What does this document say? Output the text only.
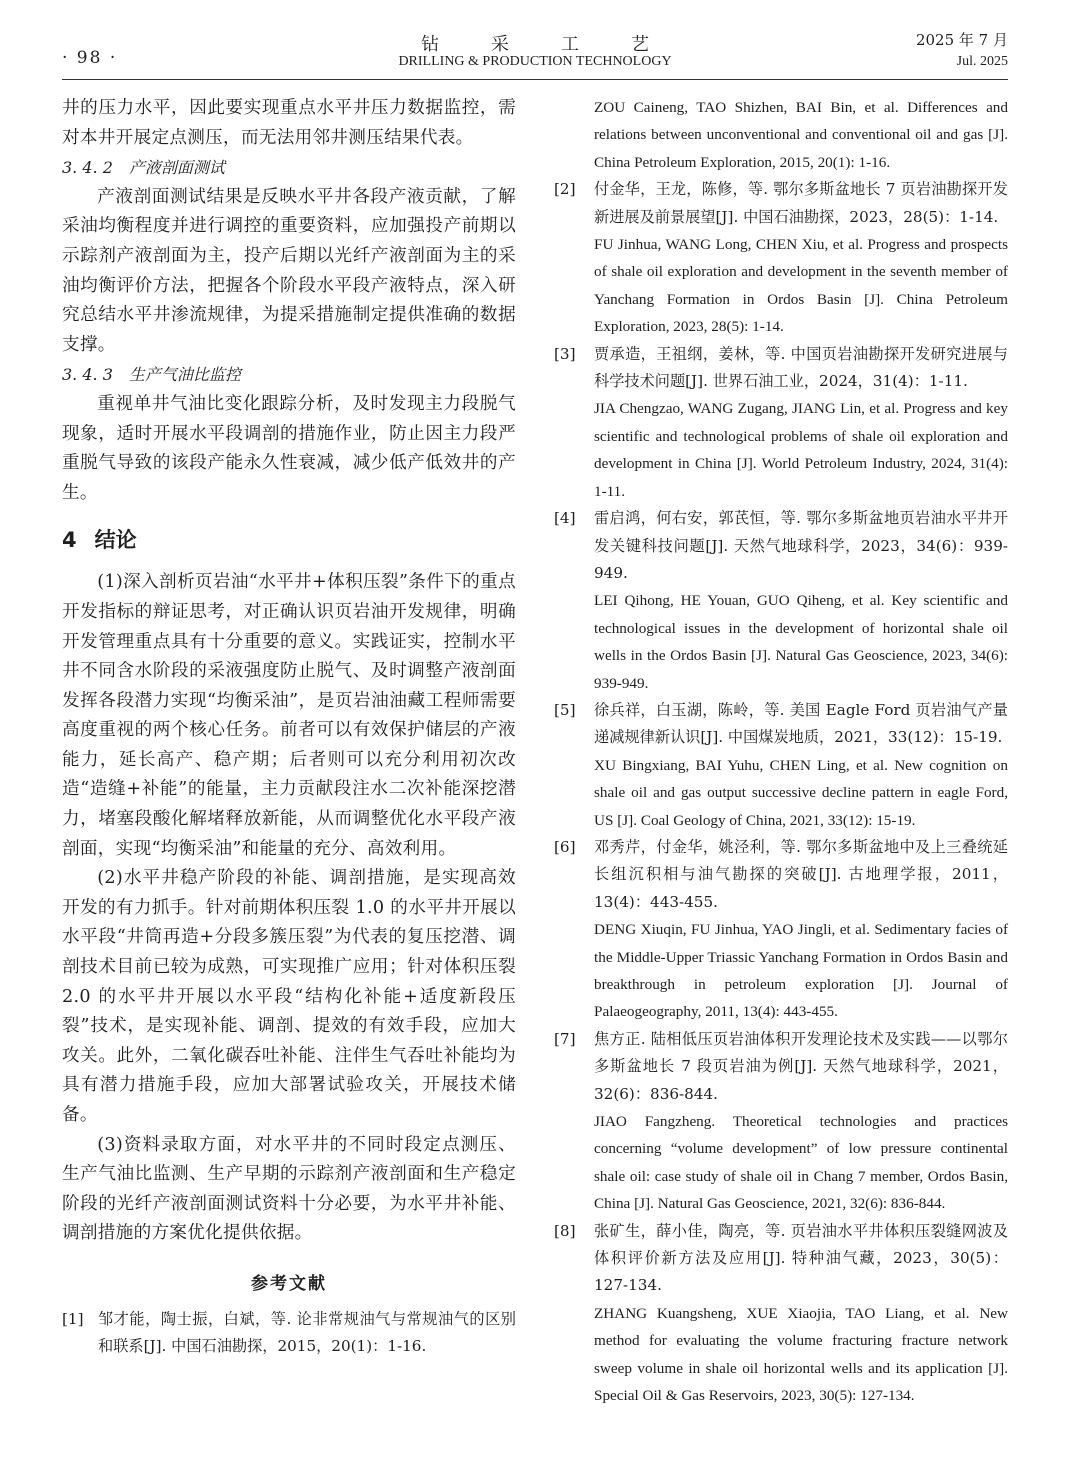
· 98 ·
钻采工艺
DRILLING & PRODUCTION TECHNOLOGY
2025 年 7 月
Jul. 2025

井的压力水平，因此要实现重点水平井压力数据监控，需对本井开展定点测压，而无法用邻井测压结果代表。

3. 4. 2　产液剖面测试

产液剖面测试结果是反映水平井各段产液贡献，了解采油均衡程度并进行调控的重要资料，应加强投产前期以示踪剂产液剖面为主，投产后期以光纤产液剖面为主的采油均衡评价方法，把握各个阶段水平段产液特点，深入研究总结水平井渗流规律，为提采措施制定提供准确的数据支撑。

3. 4. 3　生产气油比监控

重视单井气油比变化跟踪分析，及时发现主力段脱气现象，适时开展水平段调剖的措施作业，防止因主力段严重脱气导致的该段产能永久性衰减，减少低产低效井的产生。

4 结论

(1)深入剖析页岩油“水平井+体积压裂”条件下的重点开发指标的辩证思考，对正确认识页岩油开发规律，明确开发管理重点具有十分重要的意义。实践证实，控制水平井不同含水阶段的采液强度防止脱气、及时调整产液剖面发挥各段潜力实现“均衡采油”，是页岩油油藏工程师需要高度重视的两个核心任务。前者可以有效保护储层的产液能力，延长高产、稳产期；后者则可以充分利用初次改造“造缝+补能”的能量，主力贡献段注水二次补能深挖潜力，堵塞段酸化解堵释放新能，从而调整优化水平段产液剖面，实现“均衡采油”和能量的充分、高效利用。

(2)水平井稳产阶段的补能、调剖措施，是实现高效开发的有力抓手。针对前期体积压裂 1.0 的水平井开展以水平段“井筒再造+分段多簇压裂”为代表的复压挖潜、调剖技术目前已较为成熟，可实现推广应用；针对体积压裂 2.0 的水平井开展以水平段“结构化补能+适度新段压裂”技术，是实现补能、调剖、提效的有效手段，应加大攻关。此外，二氧化碳吞吐补能、注伴生气吞吐补能均为具有潜力措施手段，应加大部署试验攻关，开展技术储备。

(3)资料录取方面，对水平井的不同时段定点测压、生产气油比监测、生产早期的示踪剂产液剖面和生产稳定阶段的光纤产液剖面测试资料十分必要，为水平井补能、调剖措施的方案优化提供依据。

参考文献
[1] 邹才能，陶士振，白斌，等. 论非常规油气与常规油气的区别和联系[J]. 中国石油勘探，2015，20(1)：1-16.
ZOU Caineng, TAO Shizhen, BAI Bin, et al. Differences and relations between unconventional and conventional oil and gas [J]. China Petroleum Exploration, 2015, 20(1): 1-16.
[2] 付金华，王龙，陈修，等. 鄂尔多斯盆地长 7 页岩油勘探开发新进展及前景展望[J]. 中国石油勘探，2023，28(5)：1-14.
FU Jinhua, WANG Long, CHEN Xiu, et al. Progress and prospects of shale oil exploration and development in the seventh member of Yanchang Formation in Ordos Basin [J]. China Petroleum Exploration, 2023, 28(5): 1-14.
[3] 贾承造，王祖纲，姜林，等. 中国页岩油勘探开发研究进展与科学技术问题[J]. 世界石油工业，2024，31(4)：1-11.
JIA Chengzao, WANG Zugang, JIANG Lin, et al. Progress and key scientific and technological problems of shale oil exploration and development in China [J]. World Petroleum Industry, 2024, 31(4): 1-11.
[4] 雷启鸿，何右安，郭芪恒，等. 鄂尔多斯盆地页岩油水平井开发关键科技问题[J]. 天然气地球科学，2023，34(6)：939-949.
LEI Qihong, HE Youan, GUO Qiheng, et al. Key scientific and technological issues in the development of horizontal shale oil wells in the Ordos Basin [J]. Natural Gas Geoscience, 2023, 34(6): 939-949.
[5] 徐兵祥，白玉湖，陈岭，等. 美国 Eagle Ford 页岩油气产量递减规律新认识[J]. 中国煤炭地质，2021，33(12)：15-19.
XU Bingxiang, BAI Yuhu, CHEN Ling, et al. New cognition on shale oil and gas output successive decline pattern in eagle Ford, US [J]. Coal Geology of China, 2021, 33(12): 15-19.
[6] 邓秀芹，付金华，姚泾利，等. 鄂尔多斯盆地中及上三叠统延长组沉积相与油气勘探的突破[J]. 古地理学报，2011，13(4)：443-455.
DENG Xiuqin, FU Jinhua, YAO Jingli, et al. Sedimentary facies of the Middle-Upper Triassic Yanchang Formation in Ordos Basin and breakthrough in petroleum exploration [J]. Journal of Palaeogeography, 2011, 13(4): 443-455.
[7] 焦方正. 陆相低压页岩油体积开发理论技术及实践——以鄂尔多斯盆地长 7 段页岩油为例[J]. 天然气地球科学，2021，32(6)：836-844.
JIAO Fangzheng. Theoretical technologies and practices concerning “volume development” of low pressure continental shale oil: case study of shale oil in Chang 7 member, Ordos Basin, China [J]. Natural Gas Geoscience, 2021, 32(6): 836-844.
[8] 张矿生，薛小佳，陶亮，等. 页岩油水平井体积压裂缝网波及体积评价新方法及应用[J]. 特种油气藏，2023，30(5)：127-134.
ZHANG Kuangsheng, XUE Xiaojia, TAO Liang, et al. New method for evaluating the volume fracturing fracture network sweep volume in shale oil horizontal wells and its application [J]. Special Oil & Gas Reservoirs, 2023, 30(5): 127-134.
